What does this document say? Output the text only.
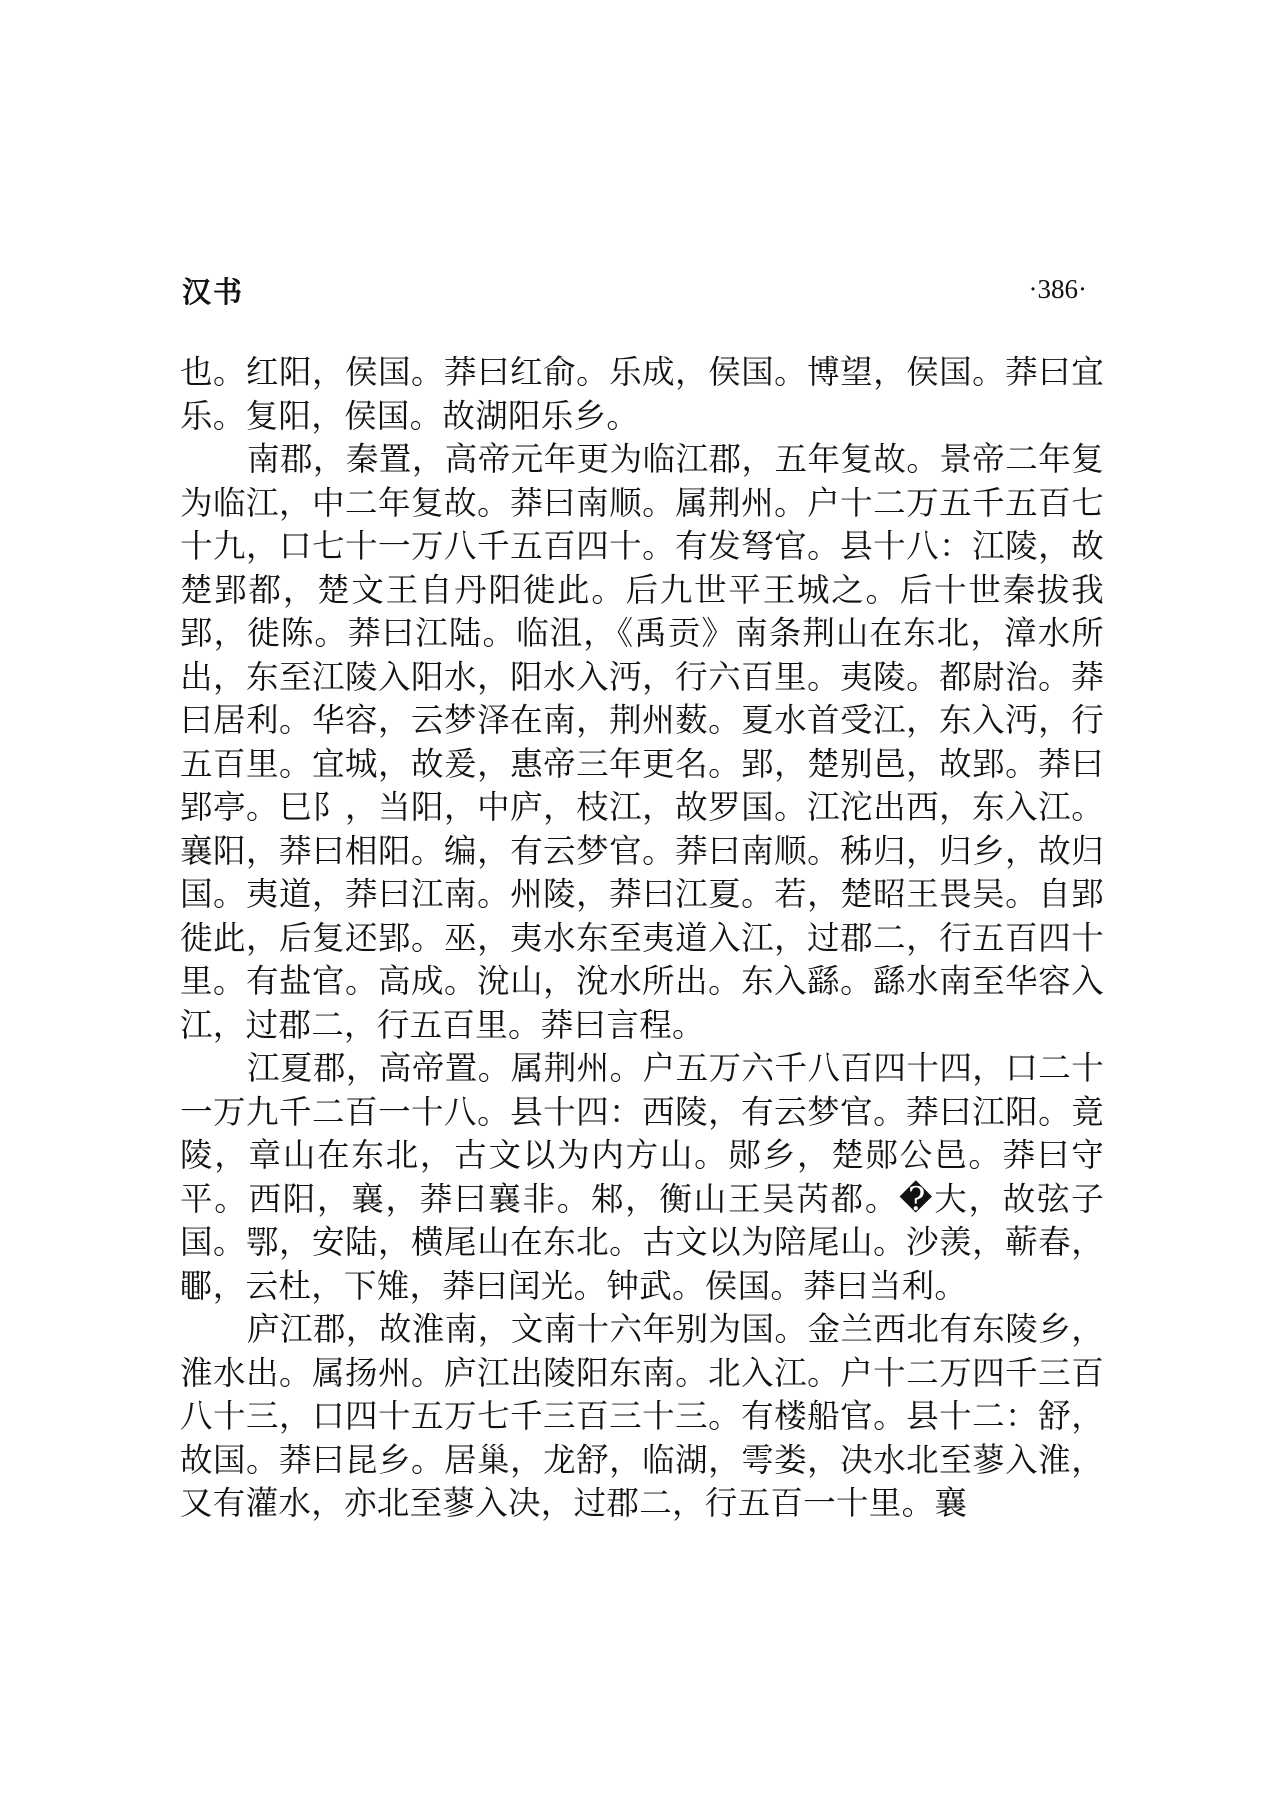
汉书	·386·

也。红阳，侯国。莽曰红俞。乐成，侯国。博望，侯国。莽曰宜乐。复阳，侯国。故湖阳乐乡。

南郡，秦置，高帝元年更为临江郡，五年复故。景帝二年复为临江，中二年复故。莽曰南顺。属荆州。户十二万五千五百七十九，口七十一万八千五百四十。有发弩官。县十八：江陵，故楚郢都，楚文王自丹阳徙此。后九世平王城之。后十世秦拔我郢，徙陈。莽曰江陆。临沮，《禹贡》南条荆山在东北，漳水所出，东至江陵入阳水，阳水入沔，行六百里。夷陵。都尉治。莽曰居利。华容，云梦泽在南，荆州薮。夏水首受江，东入沔，行五百里。宜城，故爰，惠帝三年更名。郢，楚别邑，故郢。莽曰郢亭。巳阝，当阳，中庐，枝江，故罗国。江沱出西，东入江。襄阳，莽曰相阳。编，有云梦官。莽曰南顺。秭归，归乡，故归国。夷道，莽曰江南。州陵，莽曰江夏。若，楚昭王畏吴。自郢徙此，后复还郢。巫，夷水东至夷道入江，过郡二，行五百四十里。有盐官。高成。涗山，涗水所出。东入繇。繇水南至华容入江，过郡二，行五百里。莽曰言程。

江夏郡，高帝置。属荆州。户五万六千八百四十四，口二十一万九千二百一十八。县十四：西陵，有云梦官。莽曰江阳。竟陵，章山在东北，古文以为内方山。郧乡，楚郧公邑。莽曰守平。西阳，襄，莽曰襄非。邾，衡山王吴芮都。�大，故弦子国。鄂，安陆，横尾山在东北。古文以为陪尾山。沙羡，蕲春，鄳，云杜，下雉，莽曰闰光。钟武。侯国。莽曰当利。

庐江郡，故淮南，文南十六年别为国。金兰西北有东陵乡，淮水出。属扬州。庐江出陵阳东南。北入江。户十二万四千三百八十三，口四十五万七千三百三十三。有楼船官。县十二：舒，故国。莽曰昆乡。居巢，龙舒，临湖，雩娄，决水北至蓼入淮，又有灌水，亦北至蓼入决，过郡二，行五百一十里。襄
